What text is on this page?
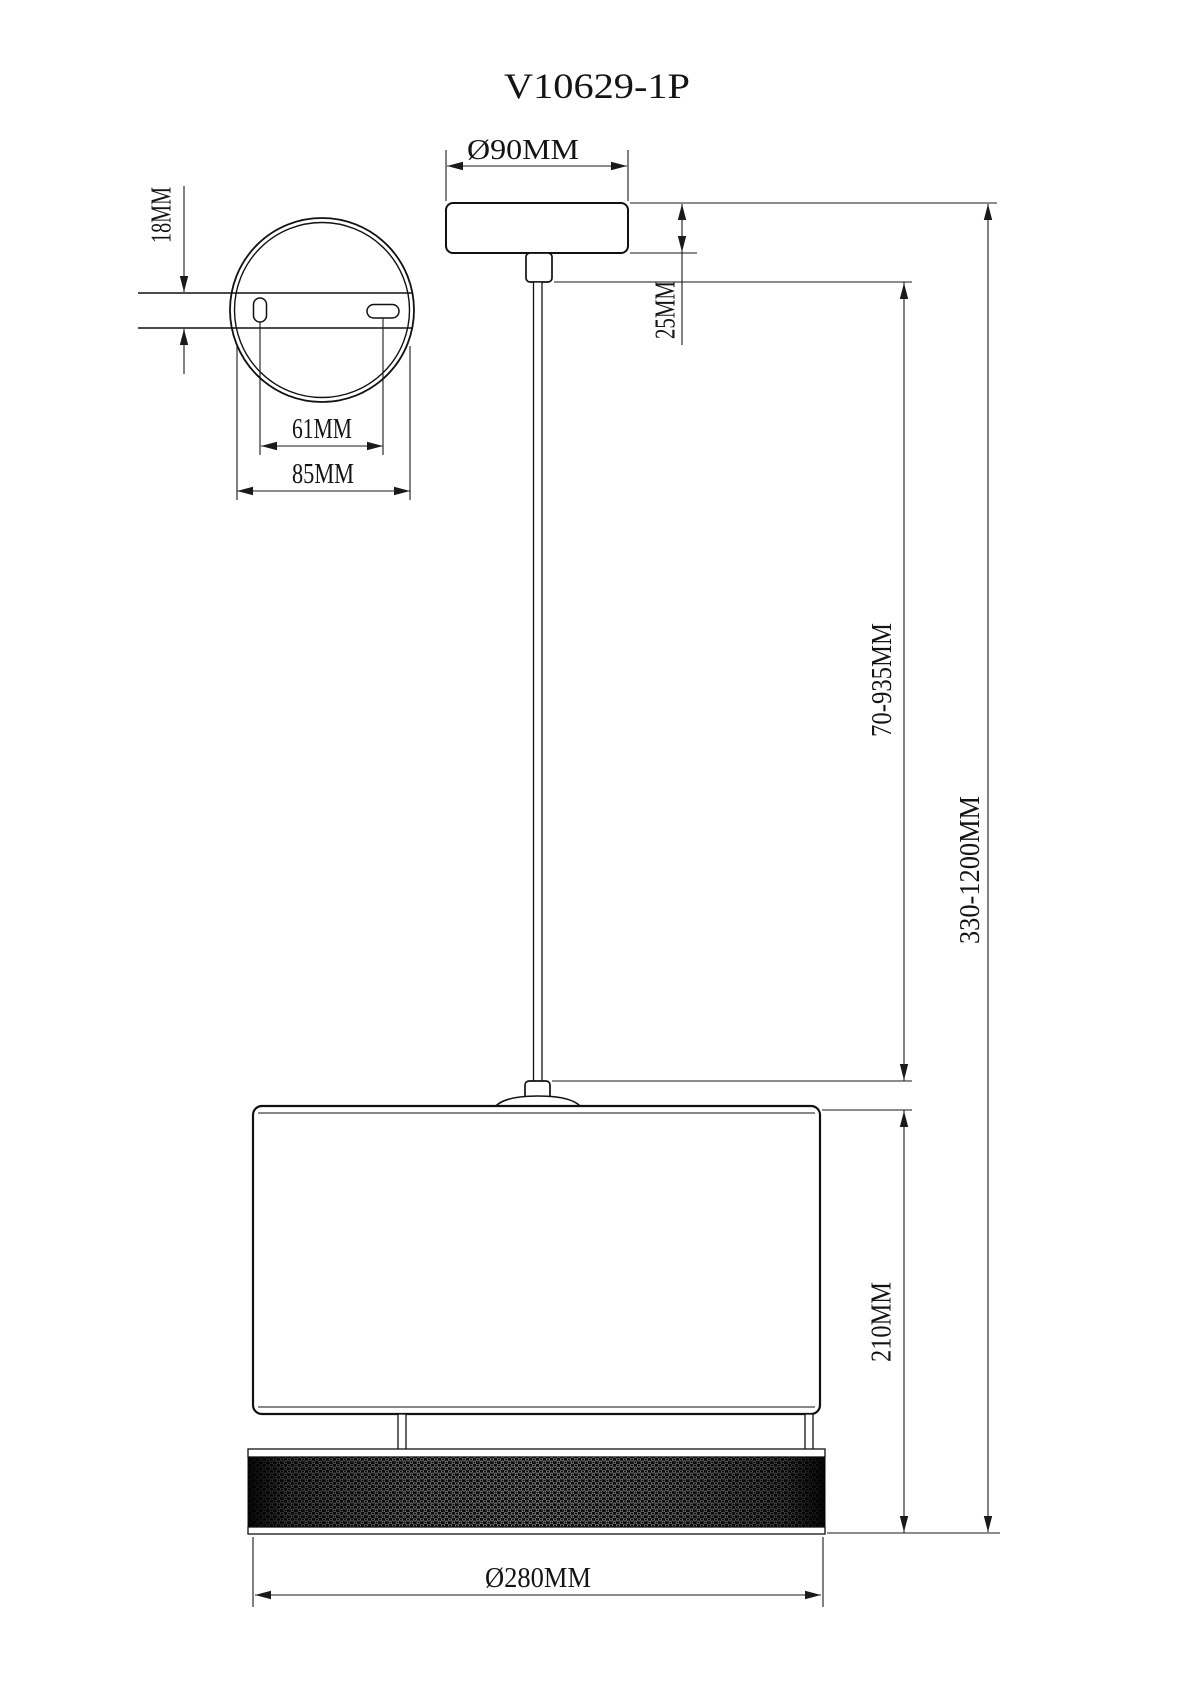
V10629-1P
18MM
61MM
85MM
Ø90MM
25MM
70-935MM
330-1200MM
210MM
Ø280MM
